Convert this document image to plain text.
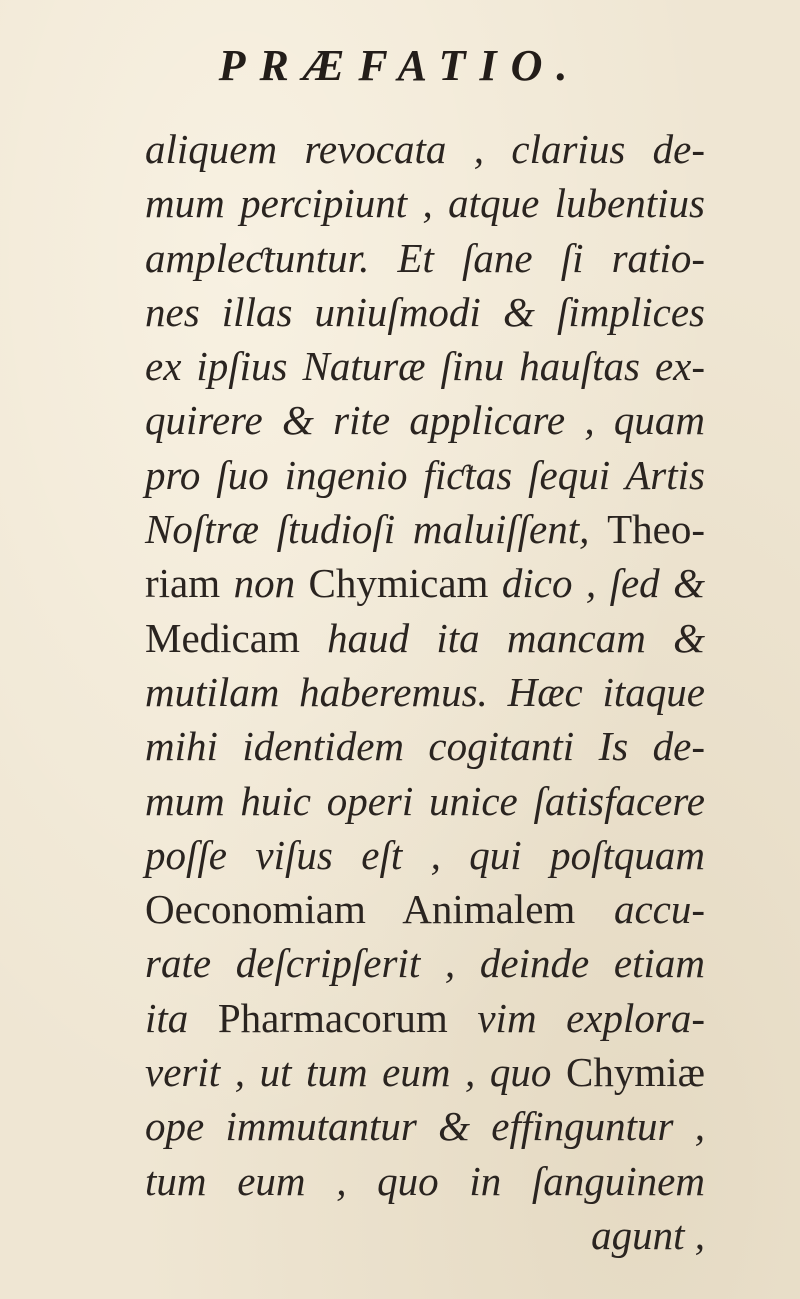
PRÆFATIO.
aliquem revocata , clarius de-
mum percipiunt , atque lubentius
ampleƈtuntur. Et ſane ſi ratio-
nes illas uniuſmodi & ſimplices
ex ipſius Naturæ ſinu hauſtas ex-
quirere & rite applicare , quam
pro ſuo ingenio fiƈtas ſequi Artis
Noſtræ ſtudioſi maluiſſent, Theo-
riam non Chymicam dico , ſed &
Medicam haud ita mancam &
mutilam haberemus. Hæc itaque
mihi identidem cogitanti Is de-
mum huic operi unice ſatisfacere
poſſe viſus eſt , qui poſtquam
Oeconomiam Animalem accu-
rate deſcripſerit , deinde etiam
ita Pharmacorum vim explora-
verit , ut tum eum , quo Chymiæ
ope immutantur & effinguntur ,
tum eum , quo in ſanguinem
agunt ,
